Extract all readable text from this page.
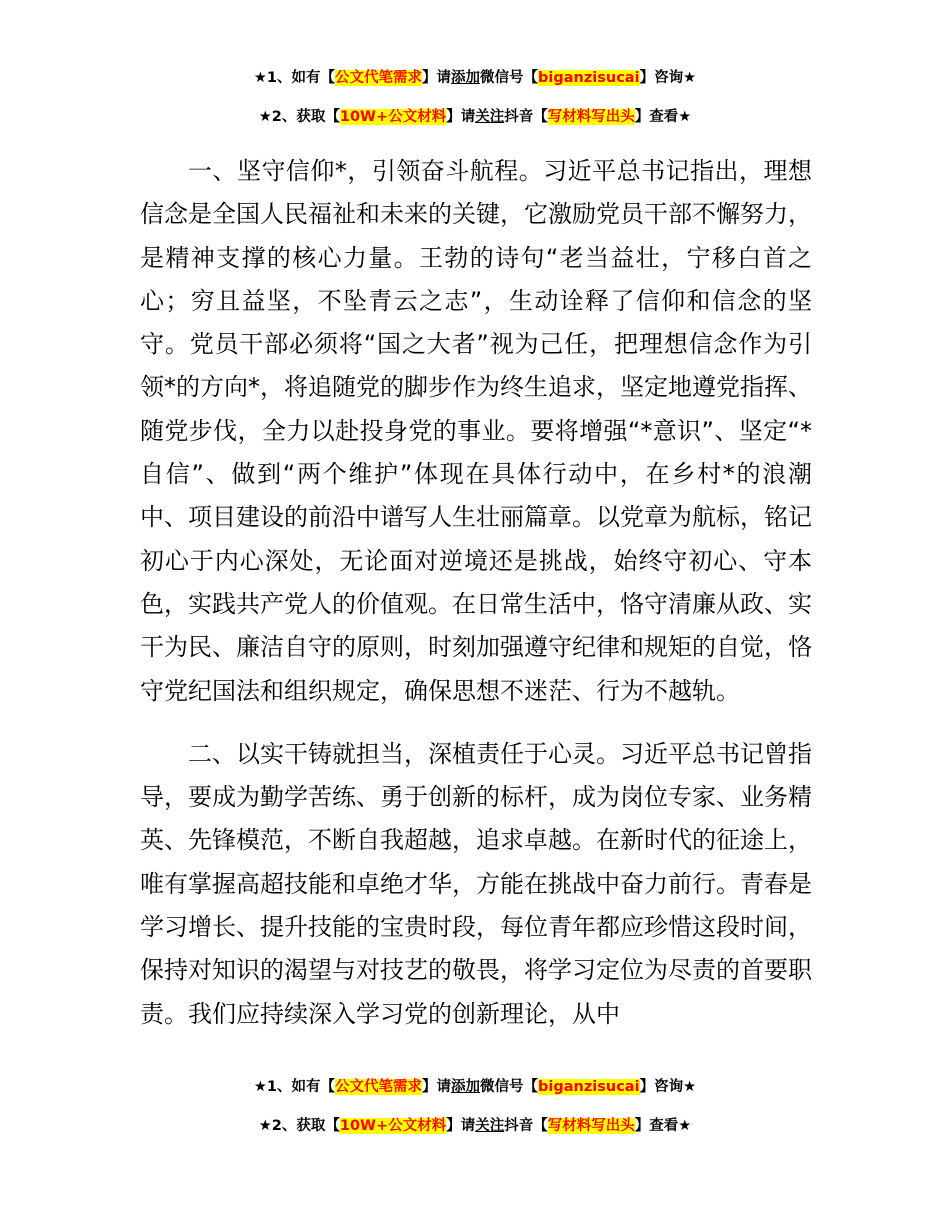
★1、如有【公文代笔需求】请添加微信号【biganzisucai】咨询★
★2、获取【10W+公文材料】请关注抖音【写材料写出头】查看★

一、坚守信仰*，引领奋斗航程。习近平总书记指出，理想信念是全国人民福祉和未来的关键，它激励党员干部不懈努力，是精神支撑的核心力量。王勃的诗句“老当益壮，宁移白首之心；穷且益坚，不坠青云之志”，生动诠释了信仰和信念的坚守。党员干部必须将“国之大者”视为己任，把理想信念作为引领*的方向*，将追随党的脚步作为终生追求，坚定地遵党指挥、随党步伐，全力以赴投身党的事业。要将增强“*意识”、坚定“*自信”、做到“两个维护”体现在具体行动中，在乡村*的浪潮中、项目建设的前沿中谱写人生壮丽篇章。以党章为航标，铭记初心于内心深处，无论面对逆境还是挑战，始终守初心、守本色，实践共产党人的价值观。在日常生活中，恪守清廉从政、实干为民、廉洁自守的原则，时刻加强遵守纪律和规矩的自觉，恪守党纪国法和组织规定，确保思想不迷茫、行为不越轨。

二、以实干铸就担当，深植责任于心灵。习近平总书记曾指导，要成为勤学苦练、勇于创新的标杆，成为岗位专家、业务精英、先锋模范，不断自我超越，追求卓越。在新时代的征途上，唯有掌握高超技能和卓绝才华，方能在挑战中奋力前行。青春是学习增长、提升技能的宝贵时段，每位青年都应珍惜这段时间，保持对知识的渴望与对技艺的敬畏，将学习定位为尽责的首要职责。我们应持续深入学习党的创新理论，从中

★1、如有【公文代笔需求】请添加微信号【biganzisucai】咨询★
★2、获取【10W+公文材料】请关注抖音【写材料写出头】查看★
